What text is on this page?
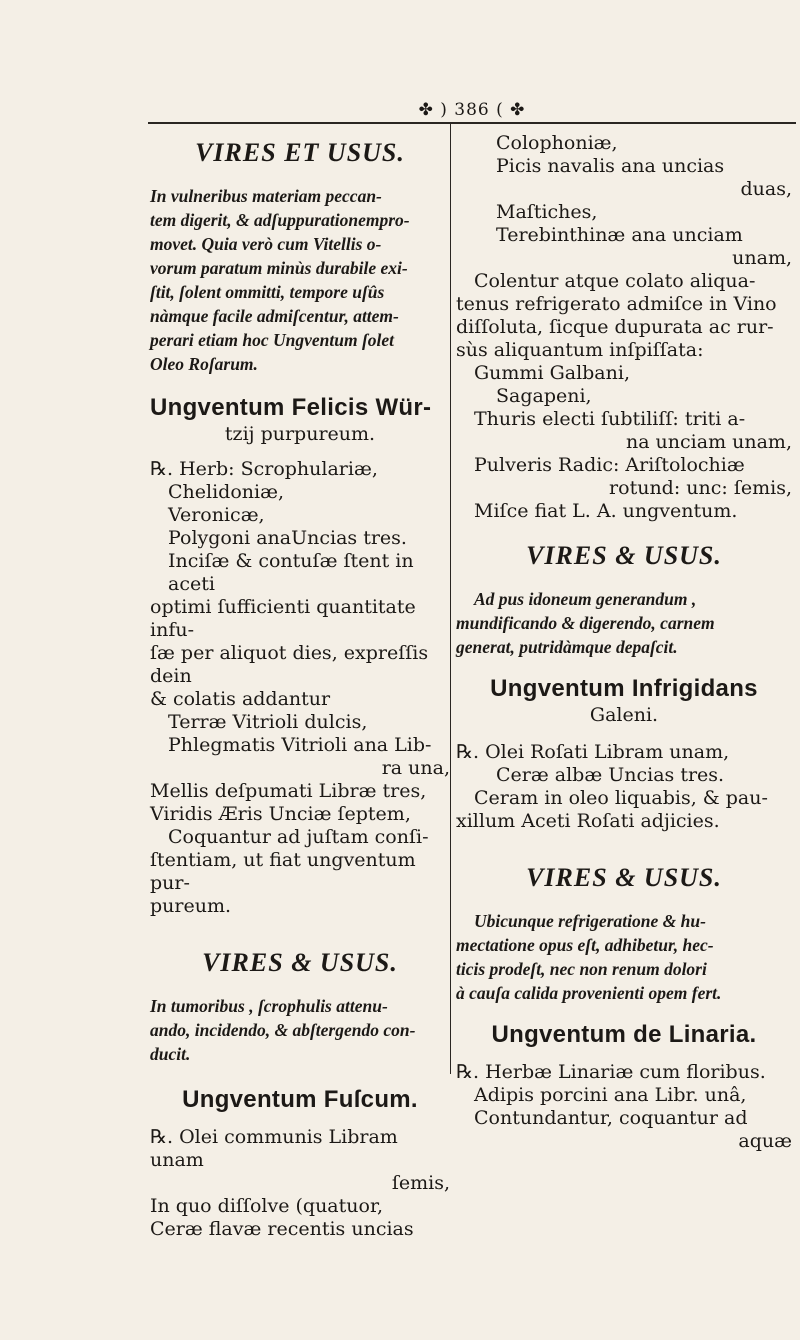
✤ ) 386 ( ✤
VIRES ET USUS.
In vulneribus materiam peccan-
tem digerit, & adſuppurationempro-
movet. Quia verò cum Vitellis o-
vorum paratum minùs durabile exi-
ſtit, ſolent ommitti, tempore uſûs
nàmque facile admiſcentur, attem-
perari etiam hoc Ungventum ſolet
Oleo Roſarum.
Ungventum Felicis Wür-
tzij purpureum.
℞. Herb: Scrophulariæ,
Chelidoniæ,
Veronicæ,
Polygoni anaUncias tres.
Inciſæ & contuſæ ſtent in aceti
optimi ſufficienti quantitate infu-
ſæ per aliquot dies, expreſſis dein
& colatis addantur
Terræ Vitrioli dulcis,
Phlegmatis Vitrioli ana Lib-
ra una,
Mellis deſpumati Libræ tres,
Viridis Æris Unciæ ſeptem,
Coquantur ad juſtam conſi-
ſtentiam, ut fiat ungventum pur-
pureum.
VIRES & USUS.
In tumoribus , ſcrophulis attenu-
ando, incidendo, & abſtergendo con-
ducit.
Ungventum Fuſcum.
℞. Olei communis Libram unam
ſemis,
In quo diſſolve (quatuor,
Ceræ flavæ recentis uncias
Colophoniæ,
Picis navalis ana uncias
duas,
Maſtiches,
Terebinthinæ ana unciam
unam,
Colentur atque colato aliqua-
tenus refrigerato admiſce in Vino
diſſoluta, ſicque dupurata ac rur-
sùs aliquantum inſpiſſata:
Gummi Galbani,
Sagapeni,
Thuris electi ſubtiliſſ: triti a-
na unciam unam,
Pulveris Radic: Ariſtolochiæ
rotund: unc: ſemis,
Miſce fiat L. A. ungventum.
VIRES & USUS.
Ad pus idoneum generandum ,
mundificando & digerendo, carnem
generat, putridàmque depaſcit.
Ungventum Infrigidans
Galeni.
℞. Olei Roſati Libram unam,
Ceræ albæ Uncias tres.
Ceram in oleo liquabis, & pau-
xillum Aceti Roſati adjicies.
VIRES & USUS.
Ubicunque refrigeratione & hu-
mectatione opus eſt, adhibetur, hec-
ticis prodeſt, nec non renum dolori
à cauſa calida provenienti opem fert.
Ungventum de Linaria.
℞. Herbæ Linariæ cum floribus.
Adipis porcini ana Libr. unâ,
Contundantur, coquantur ad
aquæ
